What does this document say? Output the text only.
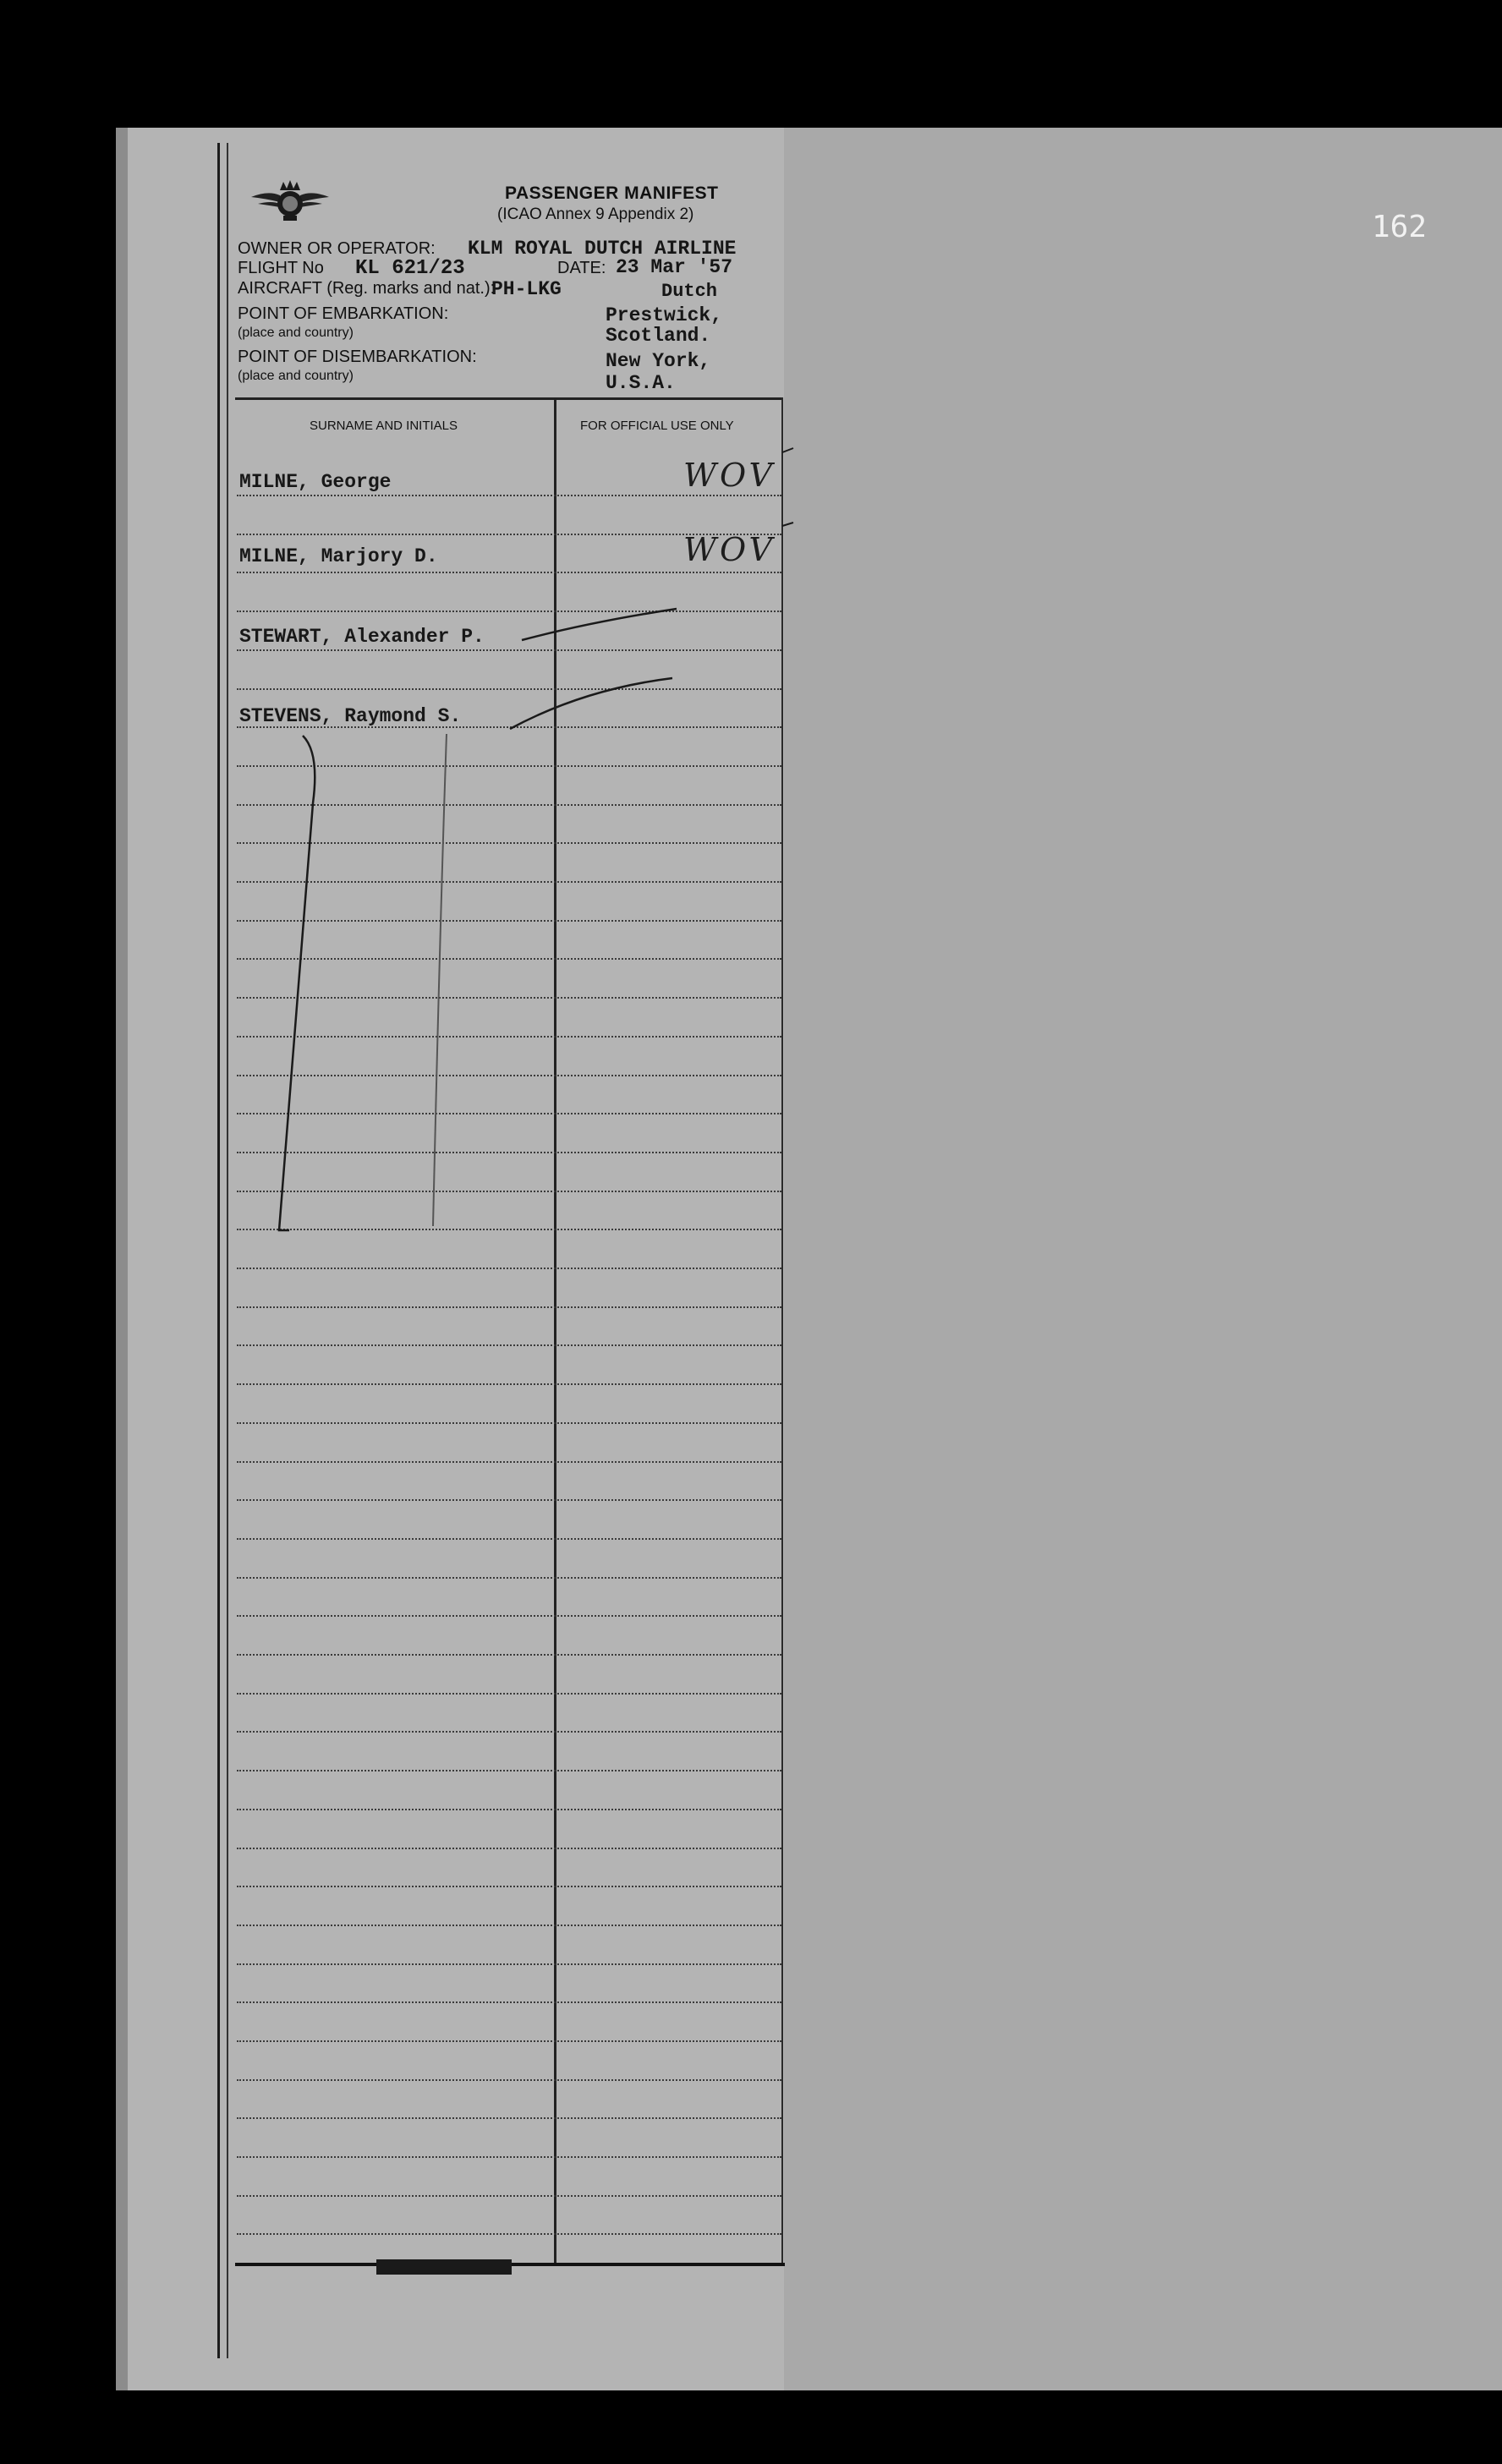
162
PASSENGER MANIFEST
(ICAO Annex 9 Appendix 2)
OWNER OR OPERATOR: KLM ROYAL DUTCH AIRLINE
FLIGHT No KL 621/23	DATE: 23 Mar '57
AIRCRAFT (Reg. marks and nat.):
PH-LKG	Dutch
POINT OF EMBARKATION:
(place and country)
Prestwick,
Scotland.
POINT OF DISEMBARKATION:
(place and country)
New York,
U.S.A.
SURNAME AND INITIALS	FOR OFFICIAL USE ONLY
MILNE, George	WOV
MILNE, Marjory D.	WOV
STEWART, Alexander P.
STEVENS, Raymond S.
